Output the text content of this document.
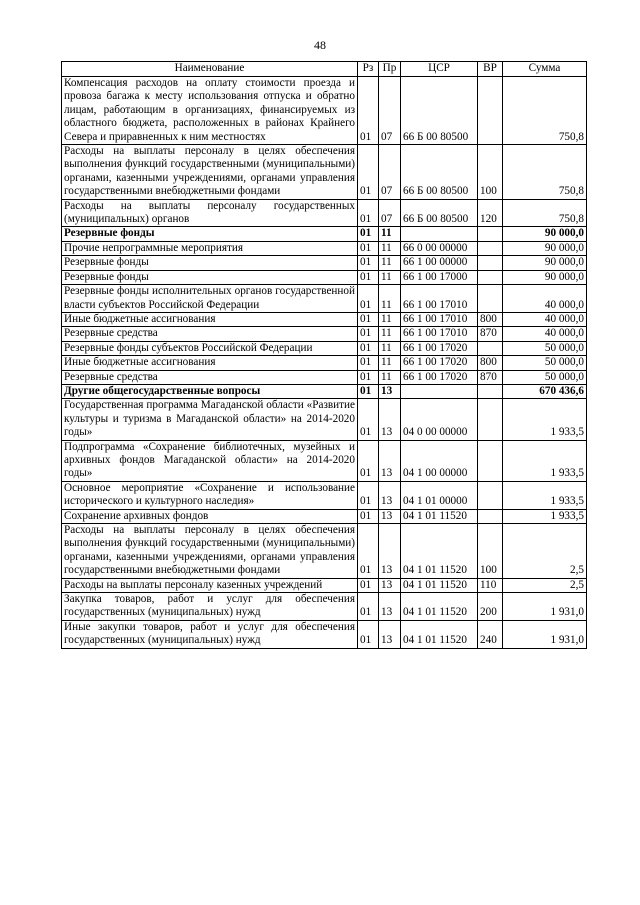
48
Наименование	Рз	Пр	ЦСР	ВР	Сумма
Компенсация расходов на оплату стоимости проезда и провоза багажа к месту использования отпуска и обратно лицам, работающим в организациях, финансируемых из областного бюджета, расположенных в районах Крайнего Севера и приравненных к ним местностях	01	07	66 Б 00 80500		750,8
Расходы на выплаты персоналу в целях обеспечения выполнения функций государственными (муниципальными) органами, казенными учреждениями, органами управления государственными внебюджетными фондами	01	07	66 Б 00 80500	100	750,8
Расходы на выплаты персоналу государственных (муниципальных) органов	01	07	66 Б 00 80500	120	750,8
Резервные фонды	01	11			90 000,0
Прочие непрограммные мероприятия	01	11	66 0 00 00000		90 000,0
Резервные фонды	01	11	66 1 00 00000		90 000,0
Резервные фонды	01	11	66 1 00 17000		90 000,0
Резервные фонды исполнительных органов государственной власти субъектов Российской Федерации	01	11	66 1 00 17010		40 000,0
Иные бюджетные ассигнования	01	11	66 1 00 17010	800	40 000,0
Резервные средства	01	11	66 1 00 17010	870	40 000,0
Резервные фонды субъектов Российской Федерации	01	11	66 1 00 17020		50 000,0
Иные бюджетные ассигнования	01	11	66 1 00 17020	800	50 000,0
Резервные средства	01	11	66 1 00 17020	870	50 000,0
Другие общегосударственные вопросы	01	13			670 436,6
Государственная программа Магаданской области «Развитие культуры и туризма в Магаданской области» на 2014-2020 годы»	01	13	04 0 00 00000		1 933,5
Подпрограмма «Сохранение библиотечных, музейных и архивных фондов Магаданской области» на 2014-2020 годы»	01	13	04 1 00 00000		1 933,5
Основное мероприятие «Сохранение и использование исторического и культурного наследия»	01	13	04 1 01 00000		1 933,5
Сохранение архивных фондов	01	13	04 1 01 11520		1 933,5
Расходы на выплаты персоналу в целях обеспечения выполнения функций государственными (муниципальными) органами, казенными учреждениями, органами управления государственными внебюджетными фондами	01	13	04 1 01 11520	100	2,5
Расходы на выплаты персоналу казенных учреждений	01	13	04 1 01 11520	110	2,5
Закупка товаров, работ и услуг для обеспечения государственных (муниципальных) нужд	01	13	04 1 01 11520	200	1 931,0
Иные закупки товаров, работ и услуг для обеспечения государственных (муниципальных) нужд	01	13	04 1 01 11520	240	1 931,0
